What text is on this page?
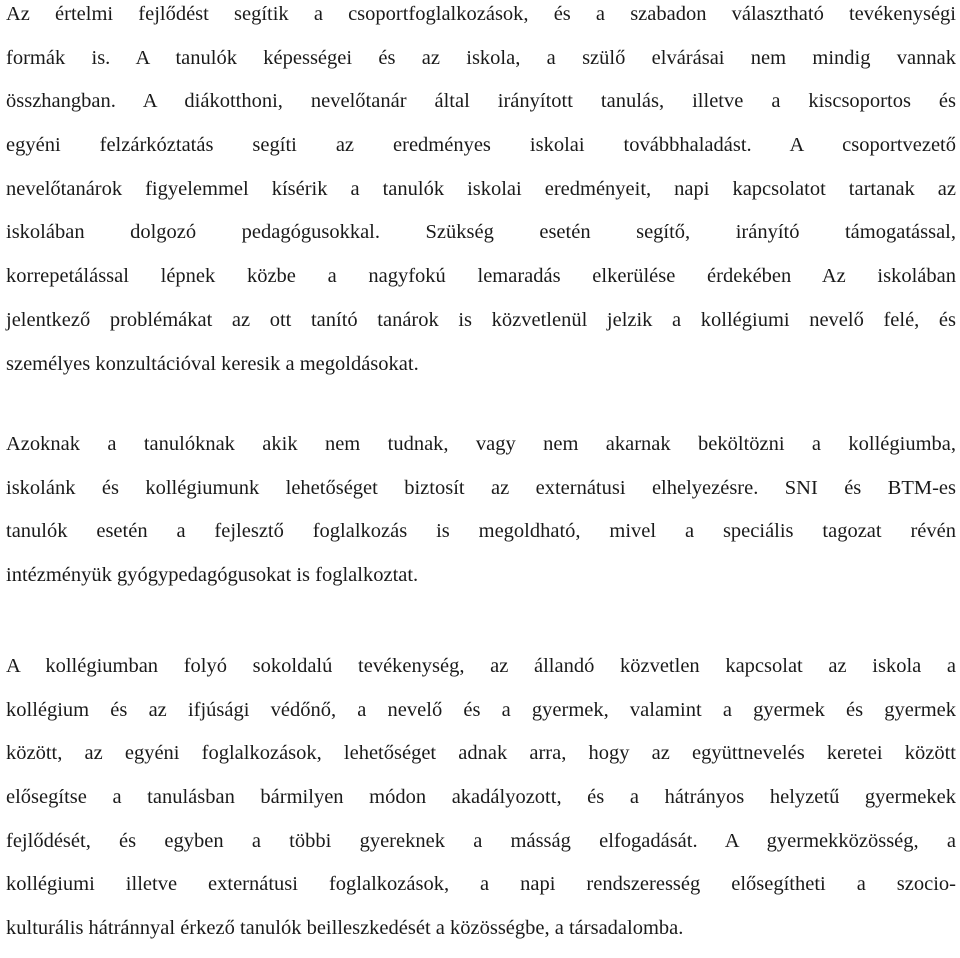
Az értelmi fejlődést segítik a csoportfoglalkozások, és a szabadon választható tevékenységi
formák is. A tanulók képességei és az iskola, a szülő elvárásai nem mindig vannak
összhangban. A diákotthoni, nevelőtanár által irányított tanulás, illetve a kiscsoportos és
egyéni felzárkóztatás segíti az eredményes iskolai továbbhaladást. A csoportvezető
nevelőtanárok figyelemmel kísérik a tanulók iskolai eredményeit, napi kapcsolatot tartanak az
iskolában dolgozó pedagógusokkal. Szükség esetén segítő, irányító támogatással,
korrepetálással lépnek közbe a nagyfokú lemaradás elkerülése érdekében Az iskolában
jelentkező problémákat az ott tanító tanárok is közvetlenül jelzik a kollégiumi nevelő felé, és
személyes konzultációval keresik a megoldásokat.
Azoknak a tanulóknak akik nem tudnak, vagy nem akarnak beköltözni a kollégiumba,
iskolánk és kollégiumunk lehetőséget biztosít az externátusi elhelyezésre. SNI és BTM-es
tanulók esetén a fejlesztő foglalkozás is megoldható, mivel a speciális tagozat révén
intézményük gyógypedagógusokat is foglalkoztat.
A kollégiumban folyó sokoldalú tevékenység, az állandó közvetlen kapcsolat az iskola a
kollégium és az ifjúsági védőnő, a nevelő és a gyermek, valamint a gyermek és gyermek
között, az egyéni foglalkozások, lehetőséget adnak arra, hogy az együttnevelés keretei között
elősegítse a tanulásban bármilyen módon akadályozott, és a hátrányos helyzetű gyermekek
fejlődését, és egyben a többi gyereknek a másság elfogadását. A gyermekközösség, a
kollégiumi illetve externátusi foglalkozások, a napi rendszeresség elősegítheti a szocio-
kulturális hátránnyal érkező tanulók beilleszkedését a közösségbe, a társadalomba.
